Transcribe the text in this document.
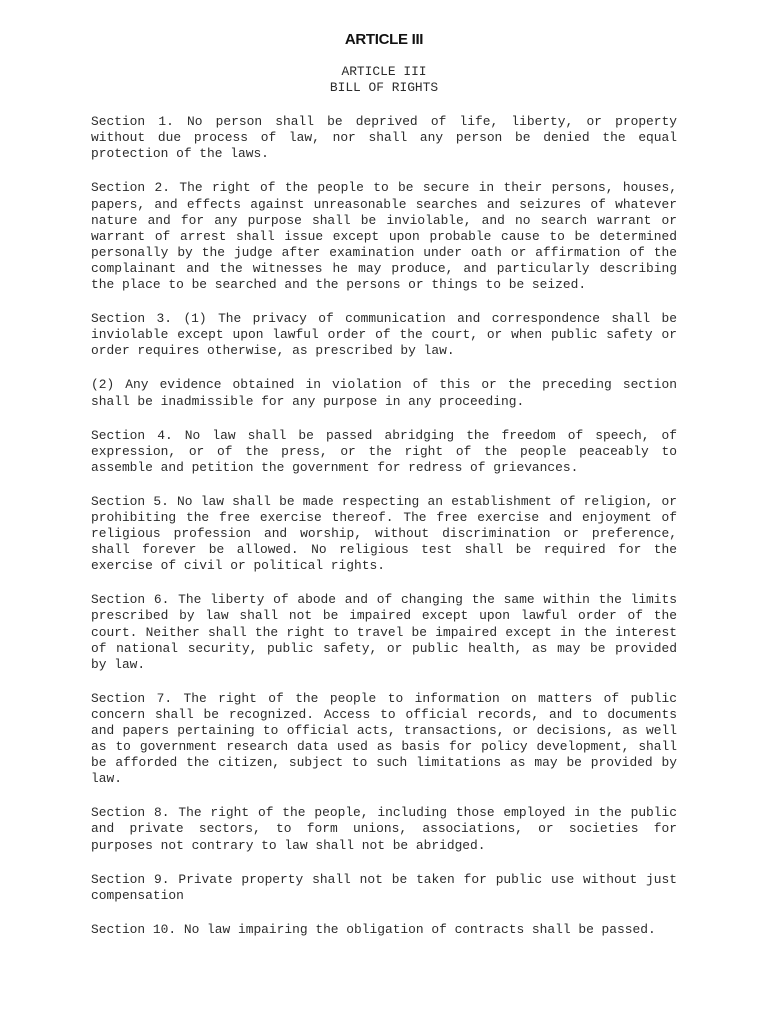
ARTICLE III

ARTICLE III

BILL OF RIGHTS

Section 1. No person shall be deprived of life, liberty, or property without due process of law, nor shall any person be denied the equal protection of the laws.

Section 2. The right of the people to be secure in their persons, houses, papers, and effects against unreasonable searches and seizures of whatever nature and for any purpose shall be inviolable, and no search warrant or warrant of arrest shall issue except upon probable cause to be determined personally by the judge after examination under oath or affirmation of the complainant and the witnesses he may produce, and particularly describing the place to be searched and the persons or things to be seized.

Section 3. (1) The privacy of communication and correspondence shall be inviolable except upon lawful order of the court, or when public safety or order requires otherwise, as prescribed by law.

(2) Any evidence obtained in violation of this or the preceding section shall be inadmissible for any purpose in any proceeding.

Section 4. No law shall be passed abridging the freedom of speech, of expression, or of the press, or the right of the people peaceably to assemble and petition the government for redress of grievances.

Section 5. No law shall be made respecting an establishment of religion, or prohibiting the free exercise thereof. The free exercise and enjoyment of religious profession and worship, without discrimination or preference, shall forever be allowed. No religious test shall be required for the exercise of civil or political rights.

Section 6. The liberty of abode and of changing the same within the limits prescribed by law shall not be impaired except upon lawful order of the court. Neither shall the right to travel be impaired except in the interest of national security, public safety, or public health, as may be provided by law.

Section 7. The right of the people to information on matters of public concern shall be recognized. Access to official records, and to documents and papers pertaining to official acts, transactions, or decisions, as well as to government research data used as basis for policy development, shall be afforded the citizen, subject to such limitations as may be provided by law.

Section 8. The right of the people, including those employed in the public and private sectors, to form unions, associations, or societies for purposes not contrary to law shall not be abridged.

Section 9. Private property shall not be taken for public use without just compensation

Section 10. No law impairing the obligation of contracts shall be passed.
